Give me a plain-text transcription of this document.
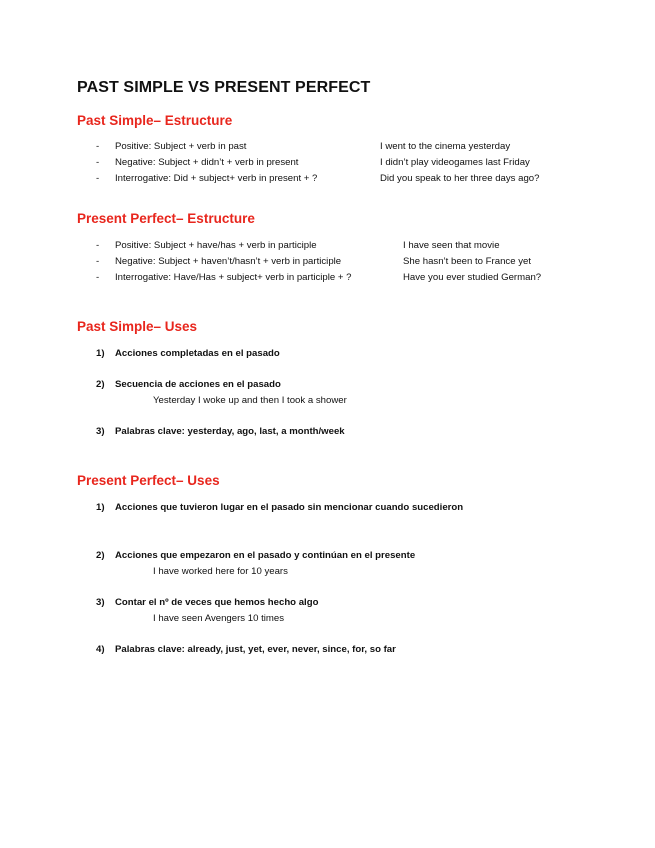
PAST SIMPLE VS PRESENT PERFECT
Past Simple– Estructure
- Positive: Subject + verb in past	I went to the cinema yesterday
- Negative: Subject + didn’t + verb in present	I didn’t play videogames last Friday
- Interrogative: Did + subject+ verb in present + ?	Did you speak to her three days ago?
Present Perfect– Estructure
- Positive: Subject + have/has + verb in participle	I have seen that movie
- Negative: Subject + haven’t/hasn’t + verb in participle	She hasn’t been to France yet
- Interrogative: Have/Has + subject+ verb in participle + ?	Have you ever studied German?
Past Simple– Uses
1) Acciones completadas en el pasado
2) Secuencia de acciones en el pasado
Yesterday I woke up and then I took a shower
3) Palabras clave: yesterday, ago, last, a month/week
Present Perfect– Uses
1) Acciones que tuvieron lugar en el pasado sin mencionar cuando sucedieron
2) Acciones que empezaron en el pasado y continúan en el presente
I have worked here for 10 years
3) Contar el nº de veces que hemos hecho algo
I have seen Avengers 10 times
4) Palabras clave: already, just, yet, ever, never, since, for, so far
